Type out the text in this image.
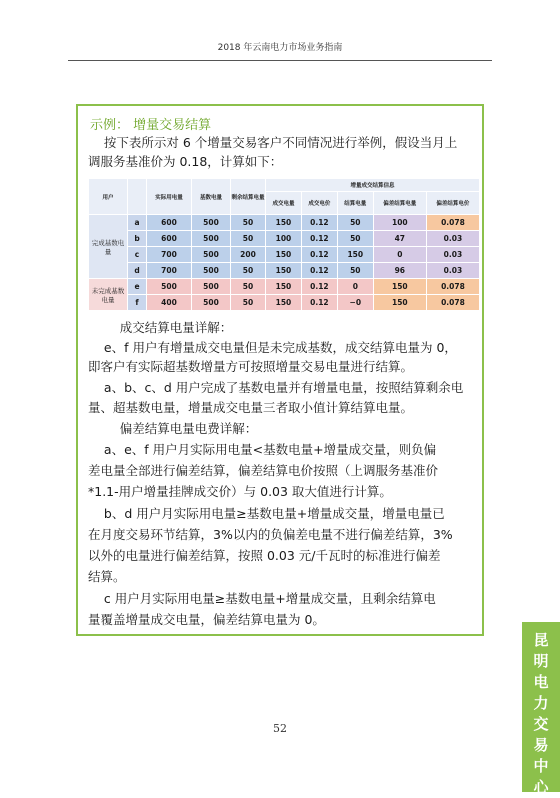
2018 年云南电力市场业务指南
示例： 增量交易结算

按下表所示对 6 个增量交易客户不同情况进行举例，假设当月上

调服务基准价为 0.18，计算如下：

用户		实际用电量	基数电量	剩余结算电量	增量成交结算信息				
					成交电量	成交电价	结算电量	偏差结算电量	偏差结算电价
完成基数电量	a	600	500	50	150	0.12	50	100	0.078
	b	600	500	50	100	0.12	50	47	0.03
	c	700	500	200	150	0.12	150	0	0.03
	d	700	500	50	150	0.12	50	96	0.03
未完成基数电量	e	500	500	50	150	0.12	0	150	0.078
	f	400	500	50	150	0.12	−0	150	0.078

成交结算电量详解：

e、f 用户有增量成交电量但是未完成基数，成交结算电量为 0，

即客户有实际超基数增量方可按照增量交易电量进行结算。

a、b、c、d 用户完成了基数电量并有增量电量，按照结算剩余电

量、超基数电量，增量成交电量三者取小值计算结算电量。

偏差结算电量电费详解：

a、e、f 用户月实际用电量<基数电量+增量成交量，则负偏

差电量全部进行偏差结算，偏差结算电价按照（上调服务基准价

*1.1-用户增量挂牌成交价）与 0.03 取大值进行计算。

b、d 用户月实际用电量≥基数电量+增量成交量，增量电量已

在月度交易环节结算，3%以内的负偏差电量不进行偏差结算，3%

以外的电量进行偏差结算，按照 0.03 元/千瓦时的标准进行偏差

结算。

c 用户月实际用电量≥基数电量+增量成交量，且剩余结算电

量覆盖增量成交电量，偏差结算电量为 0。

52
昆
明
电
力
交
易
中
心
